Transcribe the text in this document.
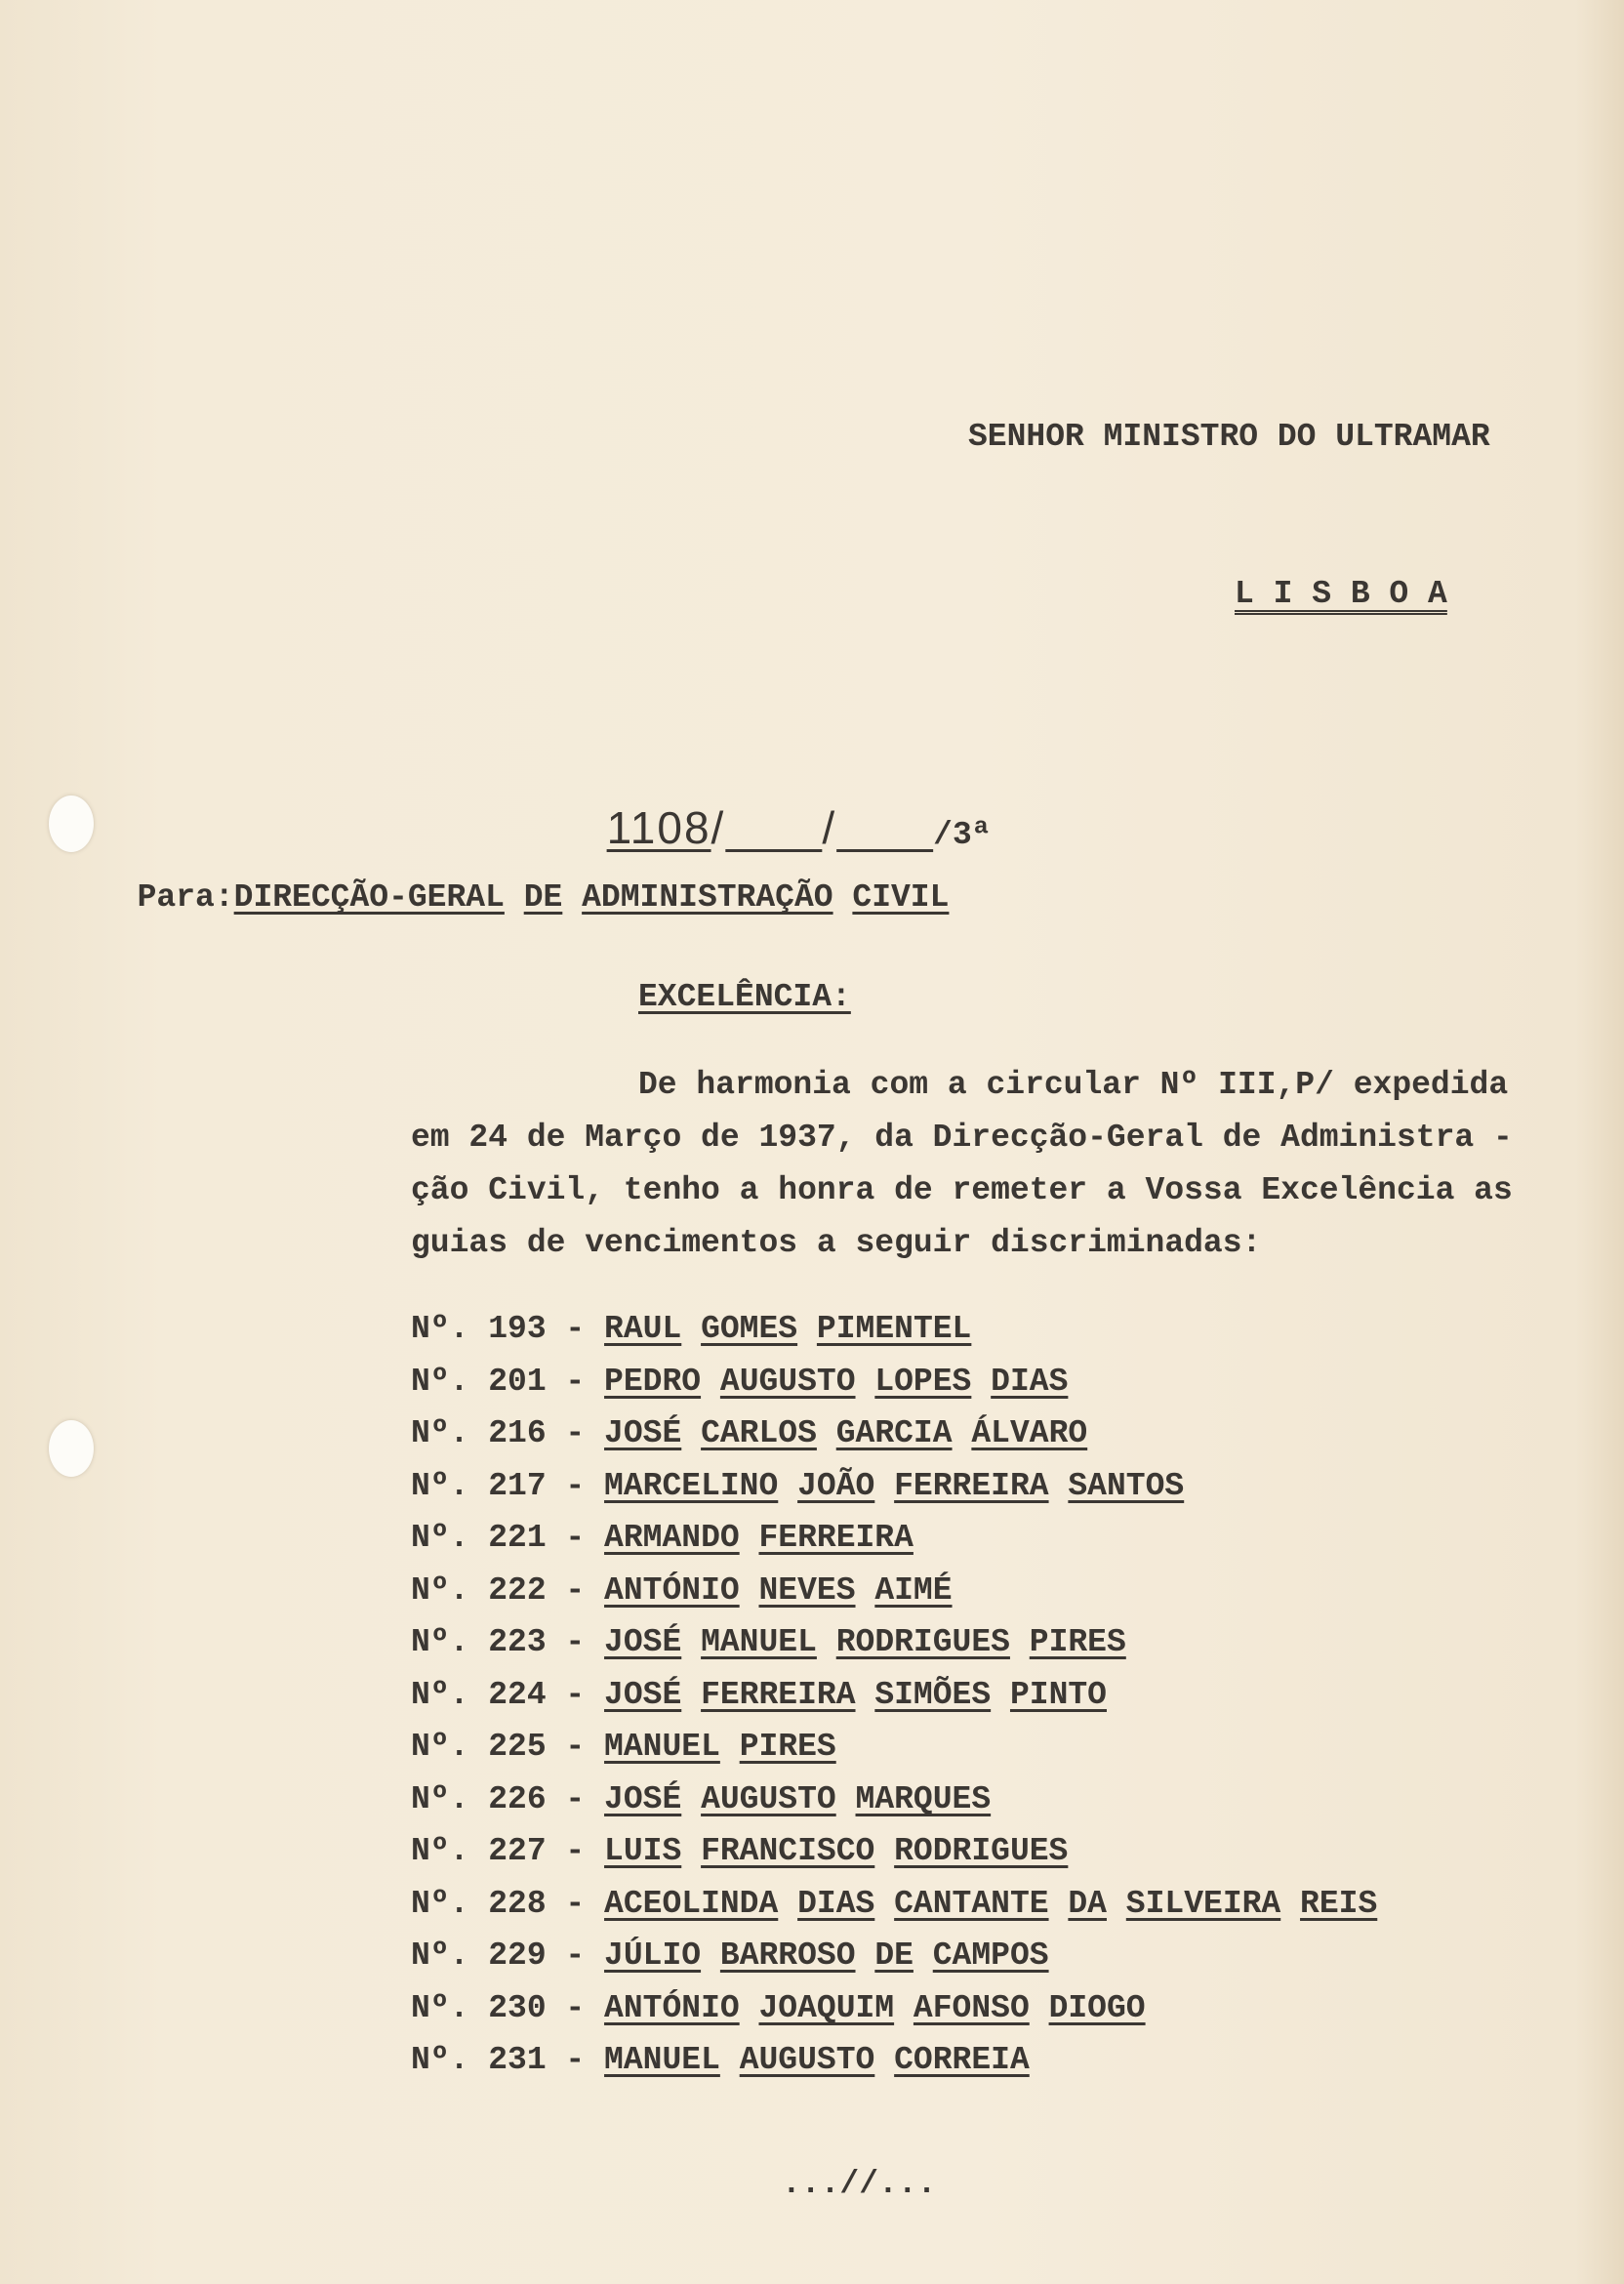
SENHOR MINISTRO DO ULTRAMAR
L I S B O A

1108/ /	/3ª

Para:DIRECÇÃO-GERAL DE ADMINISTRAÇÃO CIVIL

EXCELÊNCIA:
De harmonia com a circular Nº III,P/ expedida
em 24 de Março de 1937, da Direcção-Geral de Administra -
ção Civil, tenho a honra de remeter a Vossa Excelência as
guias de vencimentos a seguir discriminadas:
Nº. 193 - RAUL GOMES PIMENTEL
Nº. 201 - PEDRO AUGUSTO LOPES DIAS
Nº. 216 - JOSÉ CARLOS GARCIA ÁLVARO
Nº. 217 - MARCELINO JOÃO FERREIRA SANTOS
Nº. 221 - ARMANDO FERREIRA
Nº. 222 - ANTÓNIO NEVES AIMÉ
Nº. 223 - JOSÉ MANUEL RODRIGUES PIRES
Nº. 224 - JOSÉ FERREIRA SIMÕES PINTO
Nº. 225 - MANUEL PIRES
Nº. 226 - JOSÉ AUGUSTO MARQUES
Nº. 227 - LUIS FRANCISCO RODRIGUES
Nº. 228 - ACEOLINDA DIAS CANTANTE DA SILVEIRA REIS
Nº. 229 - JÚLIO BARROSO DE CAMPOS
Nº. 230 - ANTÓNIO JOAQUIM AFONSO DIOGO
Nº. 231 - MANUEL AUGUSTO CORREIA
...//...
